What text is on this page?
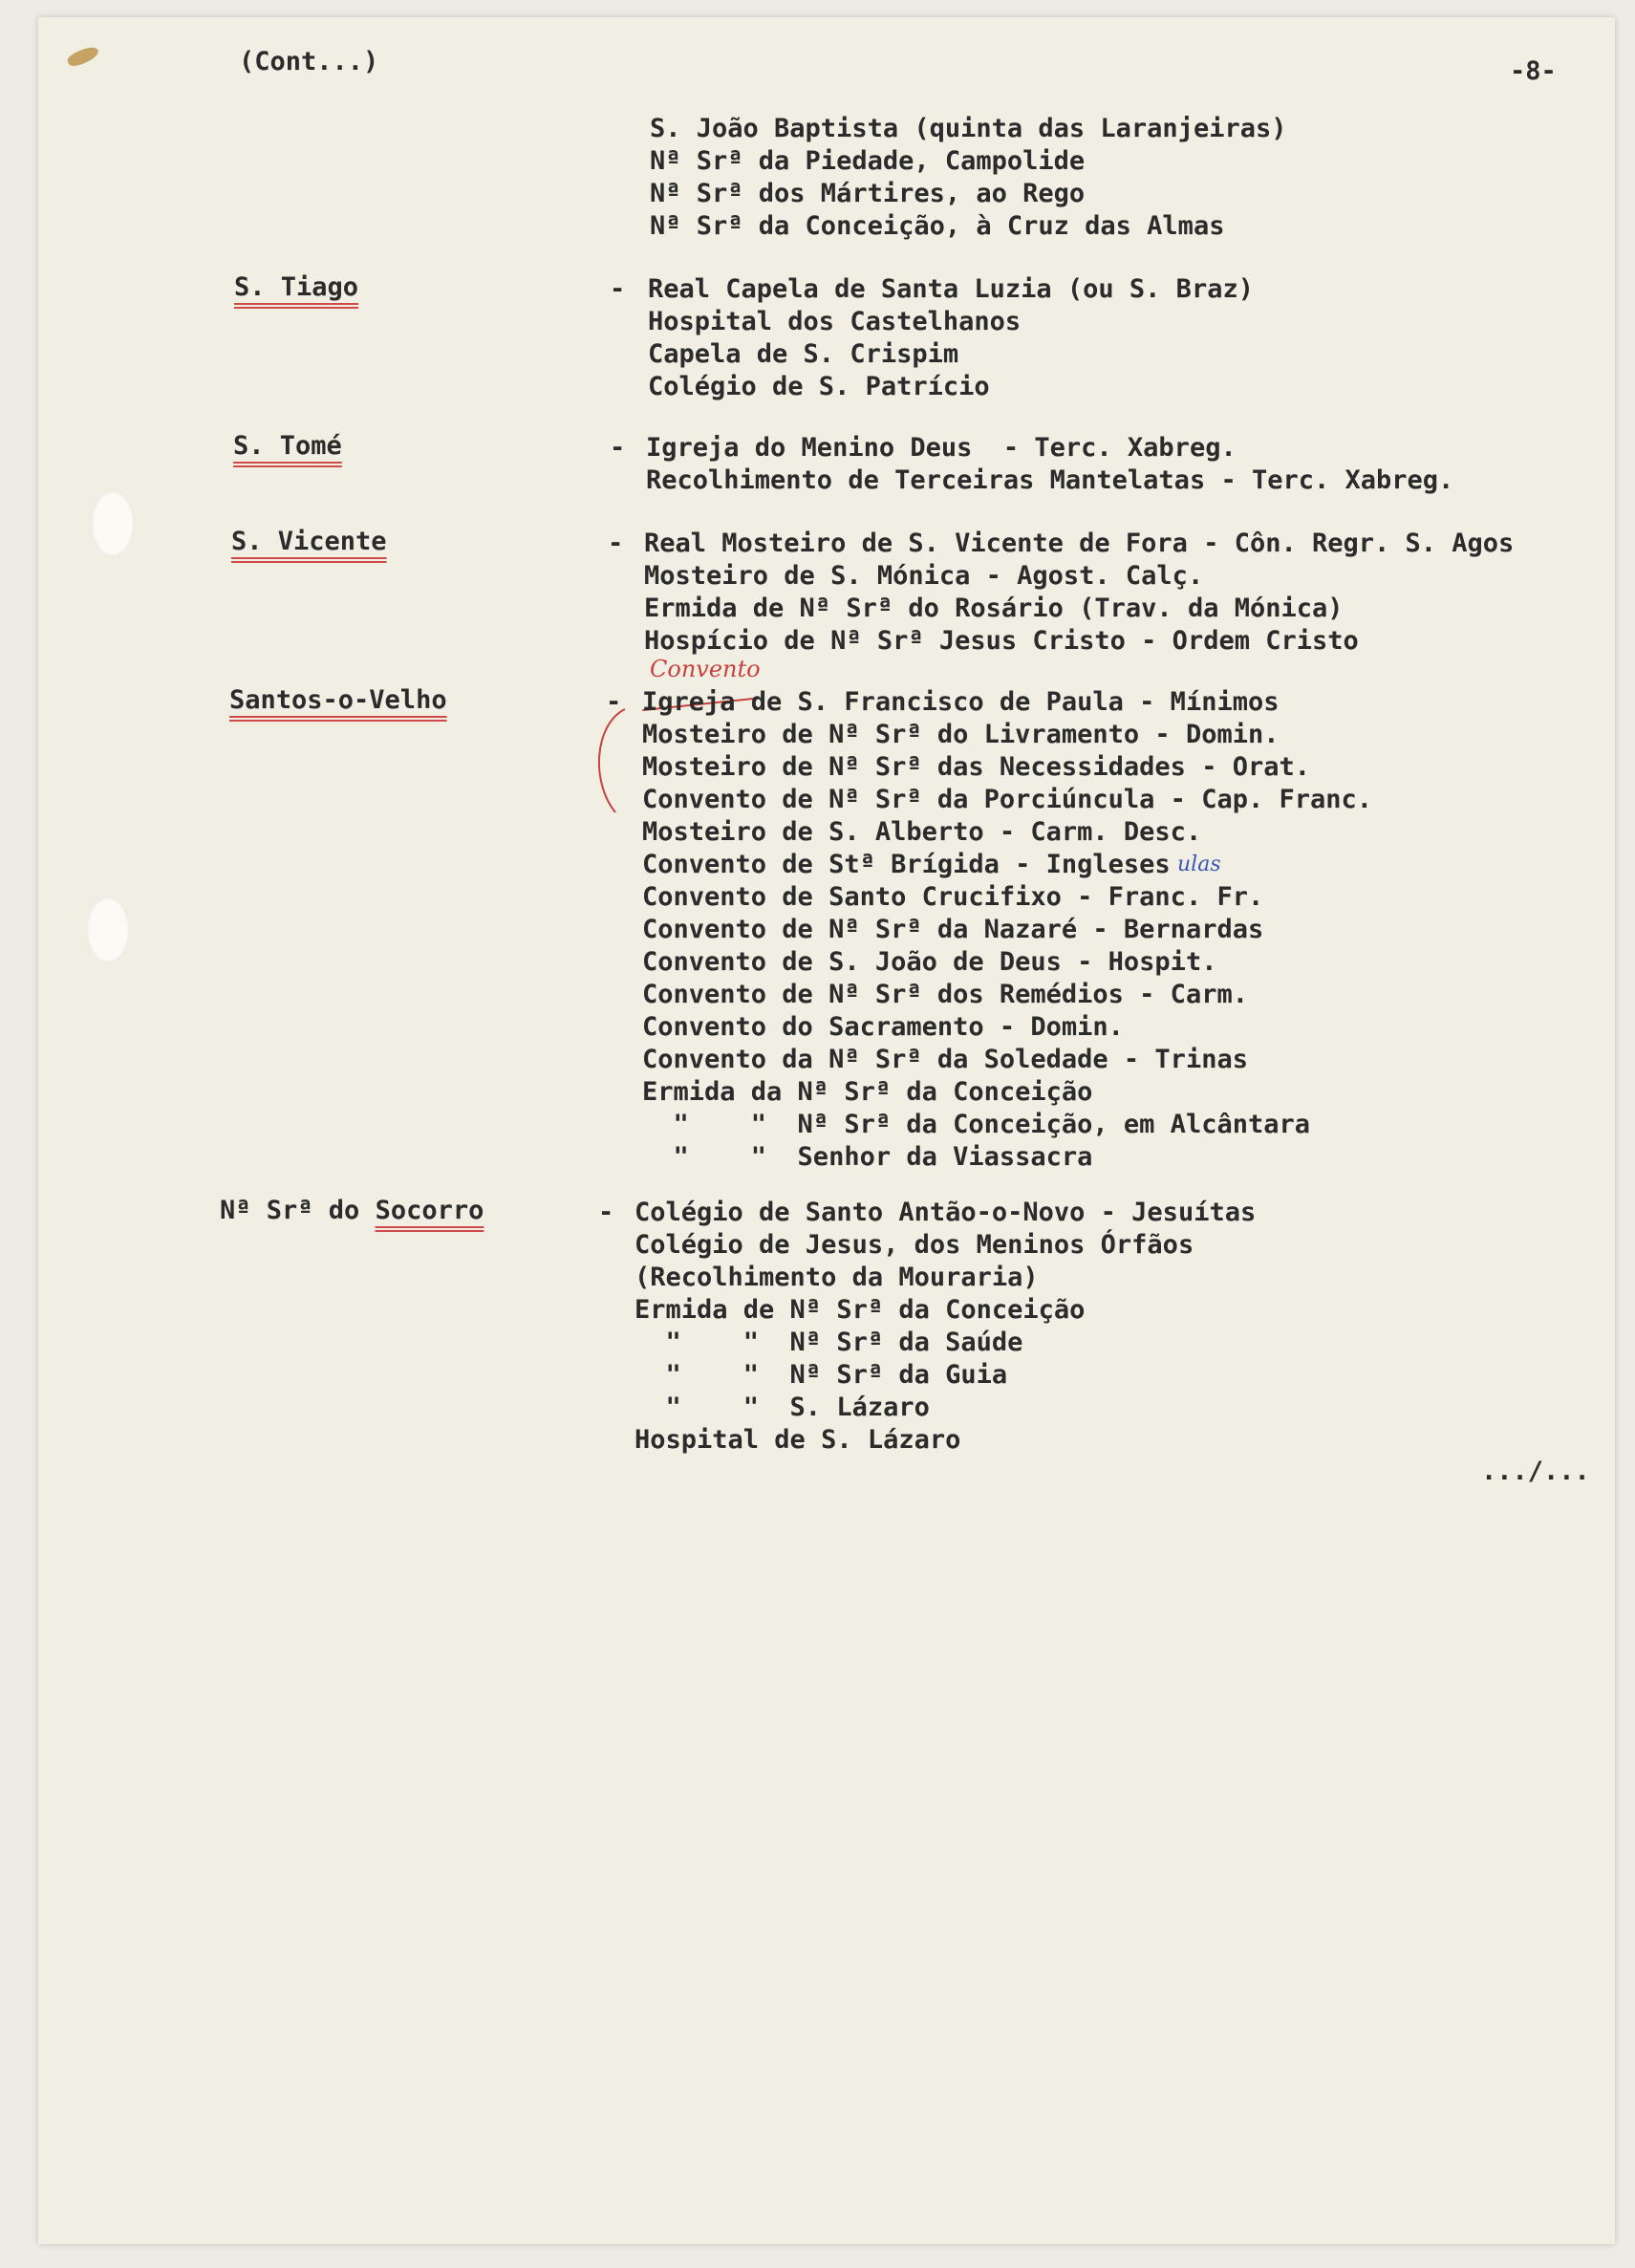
(Cont...)	-8-
S. João Baptista (quinta das Laranjeiras)
Nª Srª da Piedade, Campolide
Nª Srª dos Mártires, ao Rego
Nª Srª da Conceição, à Cruz das Almas
S. Tiago	- Real Capela de Santa Luzia (ou S. Braz)
Hospital dos Castelhanos
Capela de S. Crispim
Colégio de S. Patrício
S. Tomé	- Igreja do Menino Deus  - Terc. Xabreg.
Recolhimento de Terceiras Mantelatas - Terc. Xabreg.
S. Vicente	- Real Mosteiro de S. Vicente de Fora - Côn. Regr. S. Agos
Mosteiro de S. Mónica - Agost. Calç.
Ermida de Nª Srª do Rosário (Trav. da Mónica)
Hospício de Nª Srª Jesus Cristo - Ordem Cristo
Santos-o-Velho	-
Convento
Igreja de S. Francisco de Paula - Mínimos
Mosteiro de Nª Srª do Livramento - Domin.
Mosteiro de Nª Srª das Necessidades - Orat.
Convento de Nª Srª da Porciúncula - Cap. Franc.
Mosteiro de S. Alberto - Carm. Desc.
Convento de Stª Brígida - Ingleses ulas
Convento de Santo Crucifixo - Franc. Fr.
Convento de Nª Srª da Nazaré - Bernardas
Convento de S. João de Deus - Hospit.
Convento de Nª Srª dos Remédios - Carm.
Convento do Sacramento - Domin.
Convento da Nª Srª da Soledade - Trinas
Ermida da Nª Srª da Conceição
"    "  Nª Srª da Conceição, em Alcântara
"    "  Senhor da Viassacra
Nª Srª do Socorro	- Colégio de Santo Antão-o-Novo - Jesuítas
Colégio de Jesus, dos Meninos Órfãos
(Recolhimento da Mouraria)
Ermida de Nª Srª da Conceição
"    "  Nª Srª da Saúde
"    "  Nª Srª da Guia
"    "  S. Lázaro
Hospital de S. Lázaro
.../...
